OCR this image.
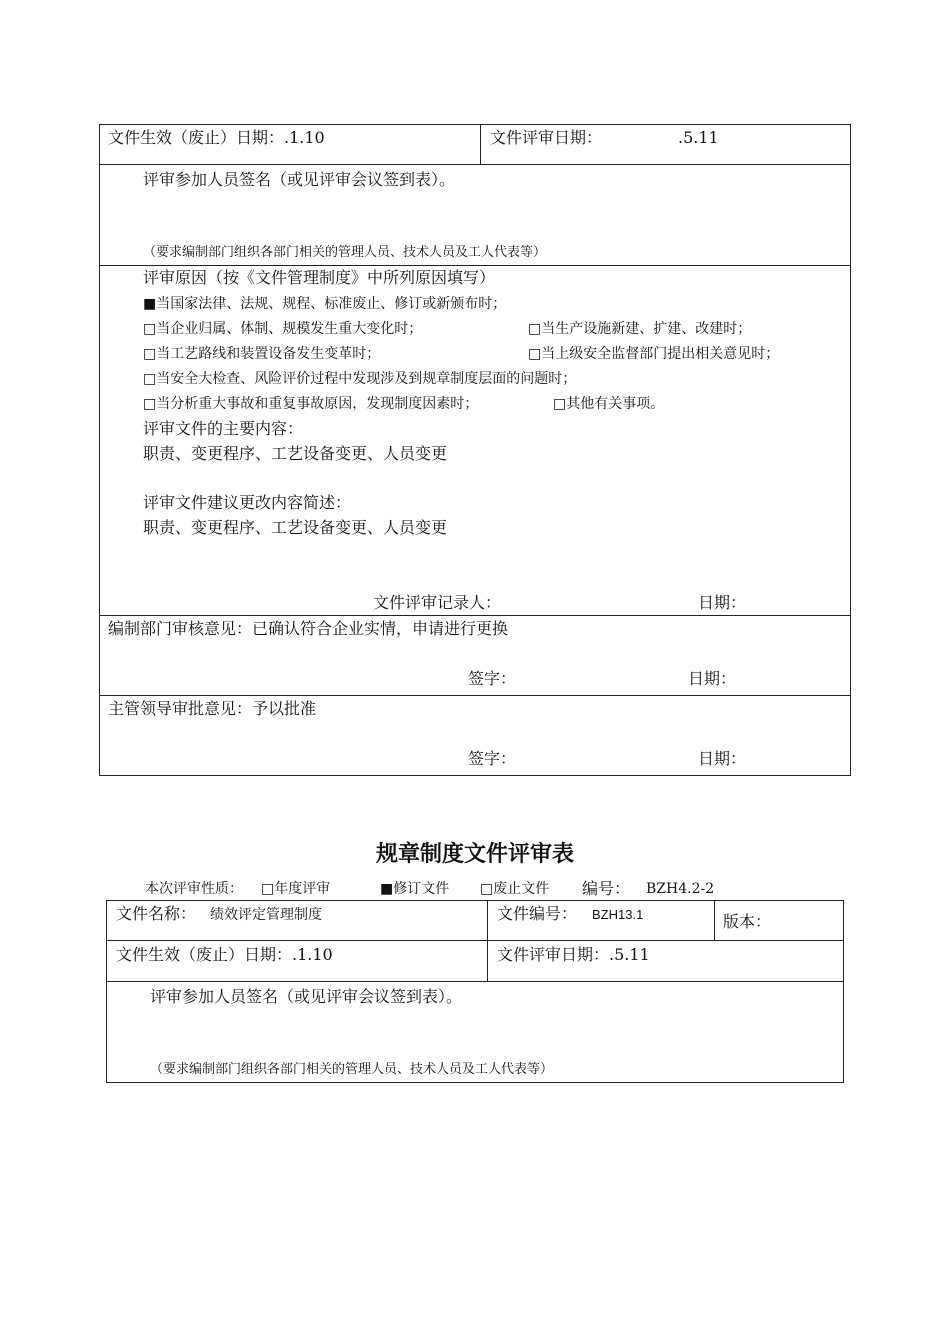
文件生效（废止）日期：.1.10	文件评审日期：	.5.11
评审参加人员签名（或见评审会议签到表）。
（要求编制部门组织各部门相关的管理人员、技术人员及工人代表等）
评审原因（按《文件管理制度》中所列原因填写）
■当国家法律、法规、规程、标准废止、修订或新颁布时；
□当企业归属、体制、规模发生重大变化时；	□当生产设施新建、扩建、改建时；
□当工艺路线和装置设备发生变革时；	□当上级安全监督部门提出相关意见时；
□当安全大检查、风险评价过程中发现涉及到规章制度层面的问题时；
□当分析重大事故和重复事故原因，发现制度因素时；	□其他有关事项。
评审文件的主要内容：
职责、变更程序、工艺设备变更、人员变更
评审文件建议更改内容简述：
职责、变更程序、工艺设备变更、人员变更
文件评审记录人：	日期：
编制部门审核意见：已确认符合企业实情，申请进行更换
签字：	日期：
主管领导审批意见：予以批准
签字：	日期：
规章制度文件评审表
本次评审性质： □年度评审	■修订文件 □废止文件 编号： BZH4.2-2
文件名称： 绩效评定管理制度	文件编号： BZH13.1	版本：
文件生效（废止）日期：.1.10	文件评审日期：.5.11
评审参加人员签名（或见评审会议签到表）。
（要求编制部门组织各部门相关的管理人员、技术人员及工人代表等）
